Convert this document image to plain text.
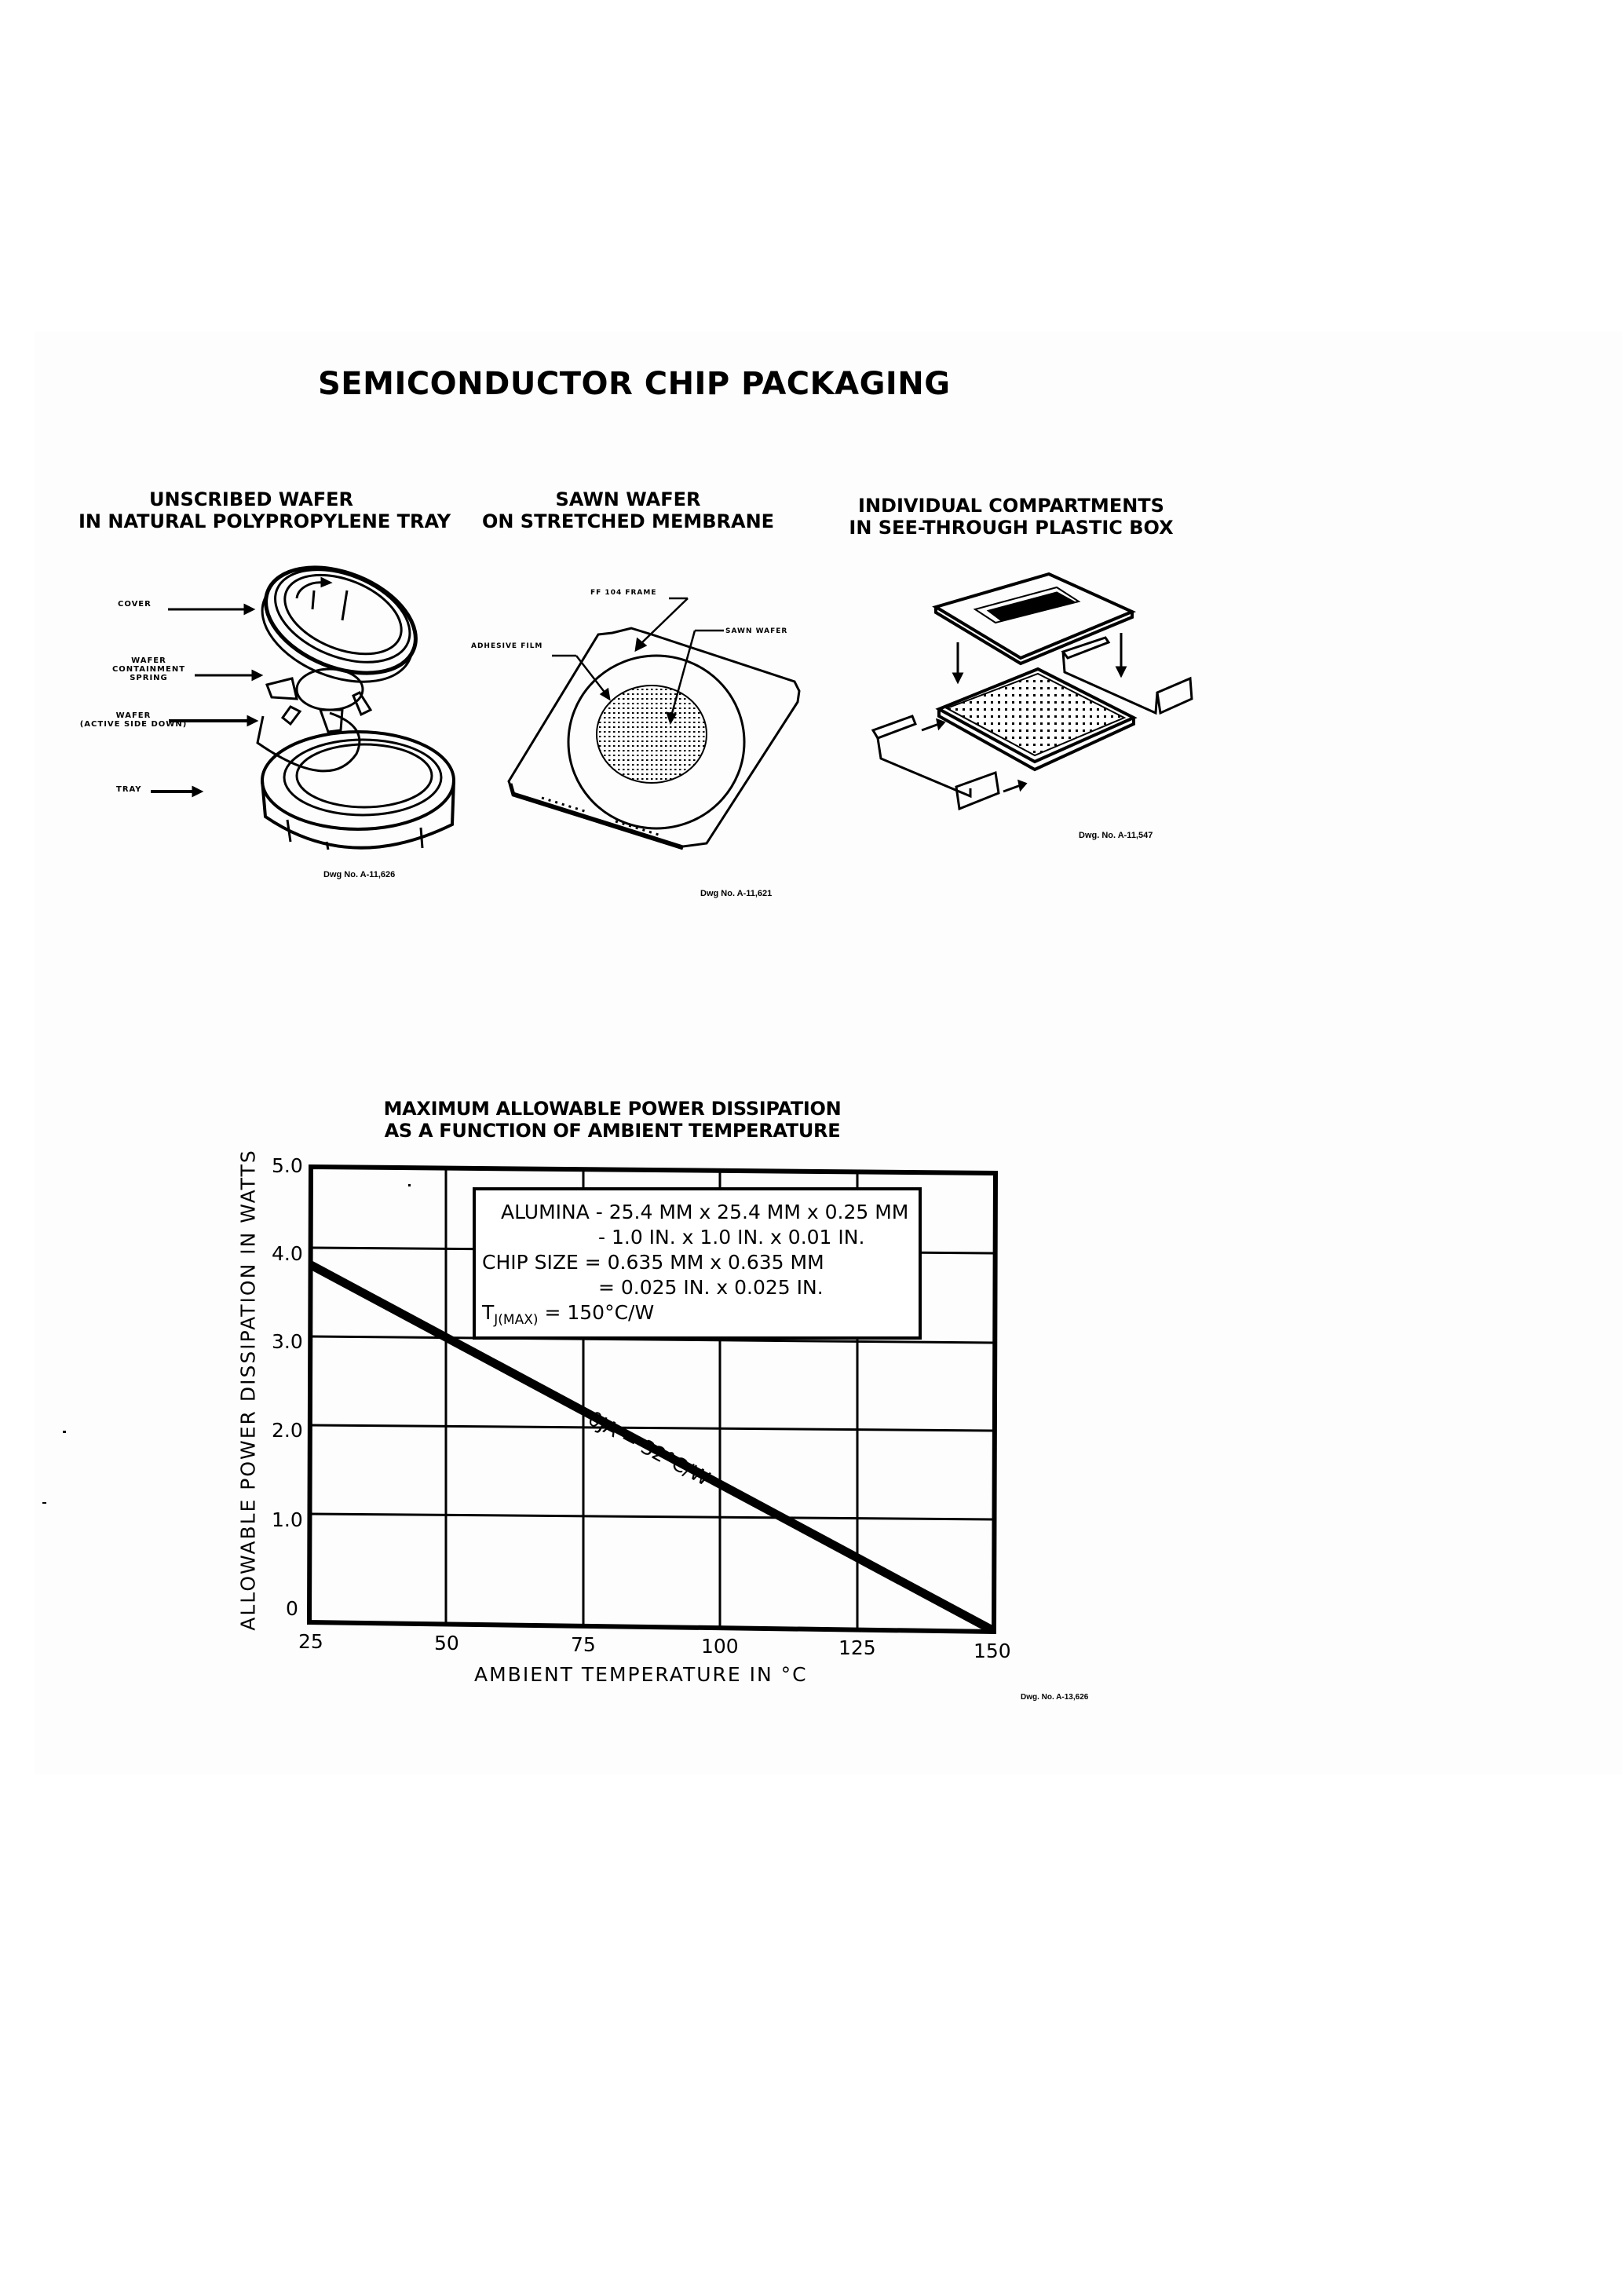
SEMICONDUCTOR CHIP PACKAGING
UNSCRIBED WAFER
IN NATURAL POLYPROPYLENE TRAY
COVER
WAFER
CONTAINMENT
SPRING
WAFER
(ACTIVE SIDE DOWN)
TRAY
Dwg No. A-11,626
SAWN WAFER
ON STRETCHED MEMBRANE
FF 104 FRAME
SAWN WAFER
ADHESIVE FILM
Dwg No. A-11,621
INDIVIDUAL COMPARTMENTS
IN SEE-THROUGH PLASTIC BOX
Dwg. No. A-11,547
MAXIMUM ALLOWABLE POWER DISSIPATION
AS A FUNCTION OF AMBIENT TEMPERATURE
ALLOWABLE POWER DISSIPATION IN WATTS 5.0
4.0
3.0
2.0
1.0
0
ALUMINA - 25.4 MM x 25.4 MM x 0.25 MM
- 1.0 IN. x 1.0 IN. x 0.01 IN.
CHIP SIZE = 0.635 MM x 0.635 MM
= 0.025 IN. x 0.025 IN.
$T_{J(MAX)} = 150^\circ C/W$
θJA = 32°C/W
25	50	75	100	125	150
AMBIENT TEMPERATURE IN °C
Dwg. No. A-13,626
